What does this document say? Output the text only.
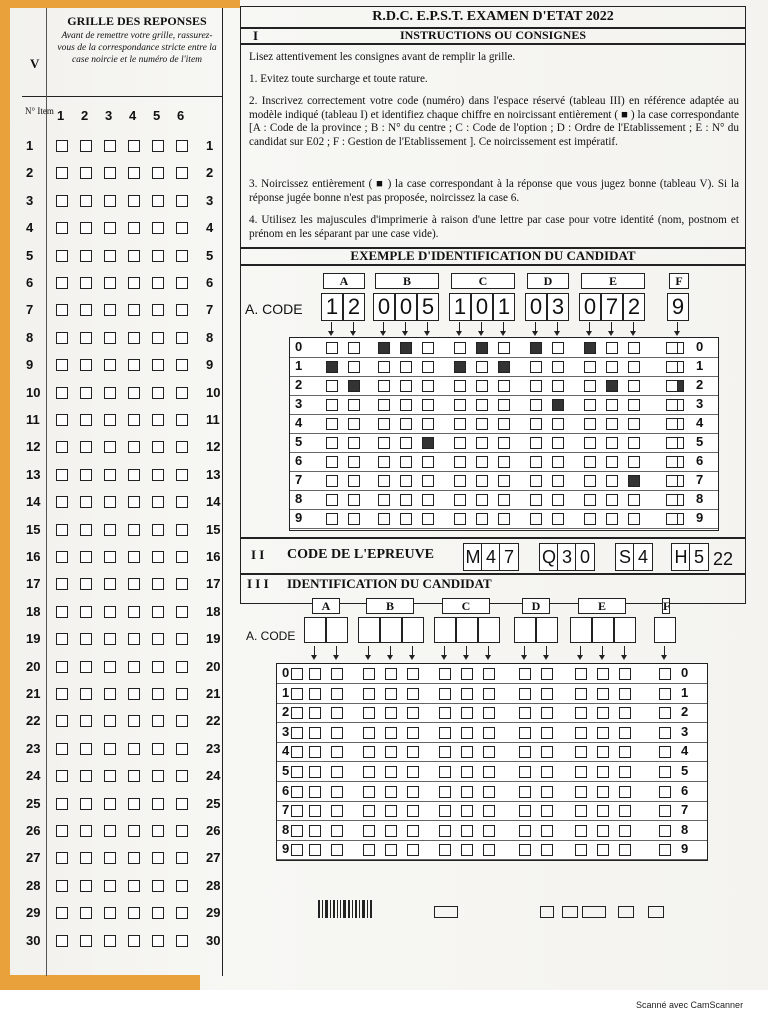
V
GRILLE DES REPONSES
Avant de remettre votre grille, rassurez-vous de la correspondance stricte entre la case noircie et le numéro de l'item
N° Item 1 2 3 4 5 6
1	1
2	2
3	3
4	4
5	5
6	6
7	7
8	8
9	9
10	10
11	11
12	12
13	13
14	14
15	15
16	16
17	17
18	18
19	19
20	20
21	21
22	22
23	23
24	24
25	25
26	26
27	27
28	28
29	29
30	30
R.D.C. E.P.S.T. EXAMEN D'ETAT 2022
I	INSTRUCTIONS OU CONSIGNES
Lisez attentivement les consignes avant de remplir la grille.
1. Evitez toute surcharge et toute rature.
2. Inscrivez correctement votre code (numéro) dans l'espace réservé (tableau III) en référence adaptée au modèle indiqué (tableau I) et identifiez chaque chiffre en noircissant entièrement ( ■ ) la case correspondante [A : Code de la province ; B : N° du centre ; C : Code de l'option ; D : Ordre de l'Etablissement ; E : N° du candidat sur E02 ; F : Gestion de l'Etablissement ]. Ce noircissement est impératif.
3. Noircissez entièrement ( ■ ) la case correspondant à la réponse que vous jugez bonne (tableau V). Si la réponse jugée bonne n'est pas proposée, noircissez la case 6.
4. Utilisez les majuscules d'imprimerie à raison d'une lettre par case pour votre identité (nom, postnom et prénom en les séparant par une case vide).
EXEMPLE D'IDENTIFICATION DU CANDIDAT
A. CODE
0	0
1	1
2	2
3	3
4	4
5	5
6	6
7	7
8	8
9	9
I I CODE DE L'EPREUVE	22
I I I IDENTIFICATION DU CANDIDAT
A
1 2
B
0 0 5
C
1 0 1
D
0 3
E
0 7 2
F
9
M 4 7 Q 3 0 S 4 H 5
A. CODE
0	0
1	1
2	2
3	3
4	4
5	5
6	6
7	7
8	8
9	9
Scanné avec CamScanner
A	B	C	D	E	F
